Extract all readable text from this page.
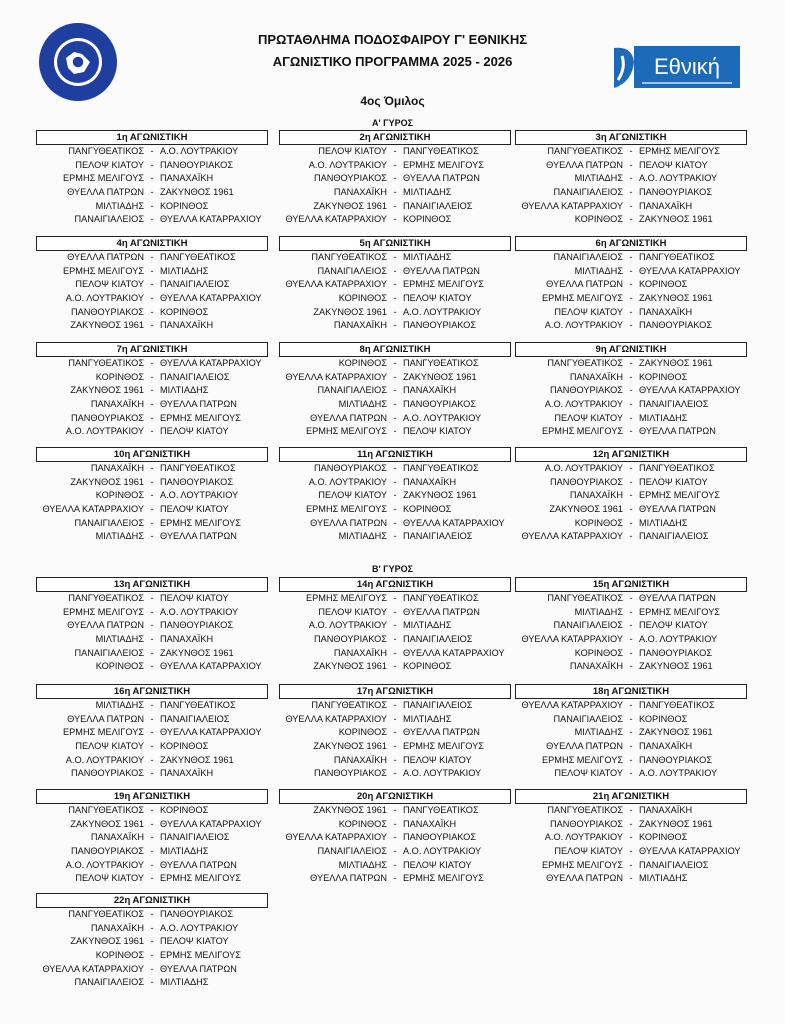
Εθνική
ΠΡΩΤΑΘΛΗΜΑ ΠΟΔΟΣΦΑΙΡΟΥ Γ' ΕΘΝΙΚΗΣ
ΑΓΩΝΙΣΤΙΚΟ ΠΡΟΓΡΑΜΜΑ 2025 - 2026
4ος Όμιλος
Α' ΓΥΡΟΣ
Β' ΓΥΡΟΣ
1η ΑΓΩΝΙΣΤΙΚΗ
ΠΑΝΓΥΘΕΑΤΙΚΟΣ - Α.Ο. ΛΟΥΤΡΑΚΙΟΥ
ΠΕΛΟΨ ΚΙΑΤΟΥ - ΠΑΝΘΟΥΡΙΑΚΟΣ
ΕΡΜΗΣ ΜΕΛΙΓΟΥΣ - ΠΑΝΑΧΑΪΚΗ
ΘΥΕΛΛΑ ΠΑΤΡΩΝ - ΖΑΚΥΝΘΟΣ 1961
ΜΙΛΤΙΑΔΗΣ - ΚΟΡΙΝΘΟΣ
ΠΑΝΑΙΓΙΑΛΕΙΟΣ - ΘΥΕΛΛΑ ΚΑΤΑΡΡΑΧΙΟΥ
2η ΑΓΩΝΙΣΤΙΚΗ
ΠΕΛΟΨ ΚΙΑΤΟΥ - ΠΑΝΓΥΘΕΑΤΙΚΟΣ
Α.Ο. ΛΟΥΤΡΑΚΙΟΥ - ΕΡΜΗΣ ΜΕΛΙΓΟΥΣ
ΠΑΝΘΟΥΡΙΑΚΟΣ - ΘΥΕΛΛΑ ΠΑΤΡΩΝ
ΠΑΝΑΧΑΪΚΗ - ΜΙΛΤΙΑΔΗΣ
ΖΑΚΥΝΘΟΣ 1961 - ΠΑΝΑΙΓΙΑΛΕΙΟΣ
ΘΥΕΛΛΑ ΚΑΤΑΡΡΑΧΙΟΥ - ΚΟΡΙΝΘΟΣ
3η ΑΓΩΝΙΣΤΙΚΗ
ΠΑΝΓΥΘΕΑΤΙΚΟΣ - ΕΡΜΗΣ ΜΕΛΙΓΟΥΣ
ΘΥΕΛΛΑ ΠΑΤΡΩΝ - ΠΕΛΟΨ ΚΙΑΤΟΥ
ΜΙΛΤΙΑΔΗΣ - Α.Ο. ΛΟΥΤΡΑΚΙΟΥ
ΠΑΝΑΙΓΙΑΛΕΙΟΣ - ΠΑΝΘΟΥΡΙΑΚΟΣ
ΘΥΕΛΛΑ ΚΑΤΑΡΡΑΧΙΟΥ - ΠΑΝΑΧΑΪΚΗ
ΚΟΡΙΝΘΟΣ - ΖΑΚΥΝΘΟΣ 1961
4η ΑΓΩΝΙΣΤΙΚΗ
ΘΥΕΛΛΑ ΠΑΤΡΩΝ - ΠΑΝΓΥΘΕΑΤΙΚΟΣ
ΕΡΜΗΣ ΜΕΛΙΓΟΥΣ - ΜΙΛΤΙΑΔΗΣ
ΠΕΛΟΨ ΚΙΑΤΟΥ - ΠΑΝΑΙΓΙΑΛΕΙΟΣ
Α.Ο. ΛΟΥΤΡΑΚΙΟΥ - ΘΥΕΛΛΑ ΚΑΤΑΡΡΑΧΙΟΥ
ΠΑΝΘΟΥΡΙΑΚΟΣ - ΚΟΡΙΝΘΟΣ
ΖΑΚΥΝΘΟΣ 1961 - ΠΑΝΑΧΑΪΚΗ
5η ΑΓΩΝΙΣΤΙΚΗ
ΠΑΝΓΥΘΕΑΤΙΚΟΣ - ΜΙΛΤΙΑΔΗΣ
ΠΑΝΑΙΓΙΑΛΕΙΟΣ - ΘΥΕΛΛΑ ΠΑΤΡΩΝ
ΘΥΕΛΛΑ ΚΑΤΑΡΡΑΧΙΟΥ - ΕΡΜΗΣ ΜΕΛΙΓΟΥΣ
ΚΟΡΙΝΘΟΣ - ΠΕΛΟΨ ΚΙΑΤΟΥ
ΖΑΚΥΝΘΟΣ 1961 - Α.Ο. ΛΟΥΤΡΑΚΙΟΥ
ΠΑΝΑΧΑΪΚΗ - ΠΑΝΘΟΥΡΙΑΚΟΣ
6η ΑΓΩΝΙΣΤΙΚΗ
ΠΑΝΑΙΓΙΑΛΕΙΟΣ - ΠΑΝΓΥΘΕΑΤΙΚΟΣ
ΜΙΛΤΙΑΔΗΣ - ΘΥΕΛΛΑ ΚΑΤΑΡΡΑΧΙΟΥ
ΘΥΕΛΛΑ ΠΑΤΡΩΝ - ΚΟΡΙΝΘΟΣ
ΕΡΜΗΣ ΜΕΛΙΓΟΥΣ - ΖΑΚΥΝΘΟΣ 1961
ΠΕΛΟΨ ΚΙΑΤΟΥ - ΠΑΝΑΧΑΪΚΗ
Α.Ο. ΛΟΥΤΡΑΚΙΟΥ - ΠΑΝΘΟΥΡΙΑΚΟΣ
7η ΑΓΩΝΙΣΤΙΚΗ
ΠΑΝΓΥΘΕΑΤΙΚΟΣ - ΘΥΕΛΛΑ ΚΑΤΑΡΡΑΧΙΟΥ
ΚΟΡΙΝΘΟΣ - ΠΑΝΑΙΓΙΑΛΕΙΟΣ
ΖΑΚΥΝΘΟΣ 1961 - ΜΙΛΤΙΑΔΗΣ
ΠΑΝΑΧΑΪΚΗ - ΘΥΕΛΛΑ ΠΑΤΡΩΝ
ΠΑΝΘΟΥΡΙΑΚΟΣ - ΕΡΜΗΣ ΜΕΛΙΓΟΥΣ
Α.Ο. ΛΟΥΤΡΑΚΙΟΥ - ΠΕΛΟΨ ΚΙΑΤΟΥ
8η ΑΓΩΝΙΣΤΙΚΗ
ΚΟΡΙΝΘΟΣ - ΠΑΝΓΥΘΕΑΤΙΚΟΣ
ΘΥΕΛΛΑ ΚΑΤΑΡΡΑΧΙΟΥ - ΖΑΚΥΝΘΟΣ 1961
ΠΑΝΑΙΓΙΑΛΕΙΟΣ - ΠΑΝΑΧΑΪΚΗ
ΜΙΛΤΙΑΔΗΣ - ΠΑΝΘΟΥΡΙΑΚΟΣ
ΘΥΕΛΛΑ ΠΑΤΡΩΝ - Α.Ο. ΛΟΥΤΡΑΚΙΟΥ
ΕΡΜΗΣ ΜΕΛΙΓΟΥΣ - ΠΕΛΟΨ ΚΙΑΤΟΥ
9η ΑΓΩΝΙΣΤΙΚΗ
ΠΑΝΓΥΘΕΑΤΙΚΟΣ - ΖΑΚΥΝΘΟΣ 1961
ΠΑΝΑΧΑΪΚΗ - ΚΟΡΙΝΘΟΣ
ΠΑΝΘΟΥΡΙΑΚΟΣ - ΘΥΕΛΛΑ ΚΑΤΑΡΡΑΧΙΟΥ
Α.Ο. ΛΟΥΤΡΑΚΙΟΥ - ΠΑΝΑΙΓΙΑΛΕΙΟΣ
ΠΕΛΟΨ ΚΙΑΤΟΥ - ΜΙΛΤΙΑΔΗΣ
ΕΡΜΗΣ ΜΕΛΙΓΟΥΣ - ΘΥΕΛΛΑ ΠΑΤΡΩΝ
10η ΑΓΩΝΙΣΤΙΚΗ
ΠΑΝΑΧΑΪΚΗ - ΠΑΝΓΥΘΕΑΤΙΚΟΣ
ΖΑΚΥΝΘΟΣ 1961 - ΠΑΝΘΟΥΡΙΑΚΟΣ
ΚΟΡΙΝΘΟΣ - Α.Ο. ΛΟΥΤΡΑΚΙΟΥ
ΘΥΕΛΛΑ ΚΑΤΑΡΡΑΧΙΟΥ - ΠΕΛΟΨ ΚΙΑΤΟΥ
ΠΑΝΑΙΓΙΑΛΕΙΟΣ - ΕΡΜΗΣ ΜΕΛΙΓΟΥΣ
ΜΙΛΤΙΑΔΗΣ - ΘΥΕΛΛΑ ΠΑΤΡΩΝ
11η ΑΓΩΝΙΣΤΙΚΗ
ΠΑΝΘΟΥΡΙΑΚΟΣ - ΠΑΝΓΥΘΕΑΤΙΚΟΣ
Α.Ο. ΛΟΥΤΡΑΚΙΟΥ - ΠΑΝΑΧΑΪΚΗ
ΠΕΛΟΨ ΚΙΑΤΟΥ - ΖΑΚΥΝΘΟΣ 1961
ΕΡΜΗΣ ΜΕΛΙΓΟΥΣ - ΚΟΡΙΝΘΟΣ
ΘΥΕΛΛΑ ΠΑΤΡΩΝ - ΘΥΕΛΛΑ ΚΑΤΑΡΡΑΧΙΟΥ
ΜΙΛΤΙΑΔΗΣ - ΠΑΝΑΙΓΙΑΛΕΙΟΣ
12η ΑΓΩΝΙΣΤΙΚΗ
Α.Ο. ΛΟΥΤΡΑΚΙΟΥ - ΠΑΝΓΥΘΕΑΤΙΚΟΣ
ΠΑΝΘΟΥΡΙΑΚΟΣ - ΠΕΛΟΨ ΚΙΑΤΟΥ
ΠΑΝΑΧΑΪΚΗ - ΕΡΜΗΣ ΜΕΛΙΓΟΥΣ
ΖΑΚΥΝΘΟΣ 1961 - ΘΥΕΛΛΑ ΠΑΤΡΩΝ
ΚΟΡΙΝΘΟΣ - ΜΙΛΤΙΑΔΗΣ
ΘΥΕΛΛΑ ΚΑΤΑΡΡΑΧΙΟΥ - ΠΑΝΑΙΓΙΑΛΕΙΟΣ
13η ΑΓΩΝΙΣΤΙΚΗ
ΠΑΝΓΥΘΕΑΤΙΚΟΣ - ΠΕΛΟΨ ΚΙΑΤΟΥ
ΕΡΜΗΣ ΜΕΛΙΓΟΥΣ - Α.Ο. ΛΟΥΤΡΑΚΙΟΥ
ΘΥΕΛΛΑ ΠΑΤΡΩΝ - ΠΑΝΘΟΥΡΙΑΚΟΣ
ΜΙΛΤΙΑΔΗΣ - ΠΑΝΑΧΑΪΚΗ
ΠΑΝΑΙΓΙΑΛΕΙΟΣ - ΖΑΚΥΝΘΟΣ 1961
ΚΟΡΙΝΘΟΣ - ΘΥΕΛΛΑ ΚΑΤΑΡΡΑΧΙΟΥ
14η ΑΓΩΝΙΣΤΙΚΗ
ΕΡΜΗΣ ΜΕΛΙΓΟΥΣ - ΠΑΝΓΥΘΕΑΤΙΚΟΣ
ΠΕΛΟΨ ΚΙΑΤΟΥ - ΘΥΕΛΛΑ ΠΑΤΡΩΝ
Α.Ο. ΛΟΥΤΡΑΚΙΟΥ - ΜΙΛΤΙΑΔΗΣ
ΠΑΝΘΟΥΡΙΑΚΟΣ - ΠΑΝΑΙΓΙΑΛΕΙΟΣ
ΠΑΝΑΧΑΪΚΗ - ΘΥΕΛΛΑ ΚΑΤΑΡΡΑΧΙΟΥ
ΖΑΚΥΝΘΟΣ 1961 - ΚΟΡΙΝΘΟΣ
15η ΑΓΩΝΙΣΤΙΚΗ
ΠΑΝΓΥΘΕΑΤΙΚΟΣ - ΘΥΕΛΛΑ ΠΑΤΡΩΝ
ΜΙΛΤΙΑΔΗΣ - ΕΡΜΗΣ ΜΕΛΙΓΟΥΣ
ΠΑΝΑΙΓΙΑΛΕΙΟΣ - ΠΕΛΟΨ ΚΙΑΤΟΥ
ΘΥΕΛΛΑ ΚΑΤΑΡΡΑΧΙΟΥ - Α.Ο. ΛΟΥΤΡΑΚΙΟΥ
ΚΟΡΙΝΘΟΣ - ΠΑΝΘΟΥΡΙΑΚΟΣ
ΠΑΝΑΧΑΪΚΗ - ΖΑΚΥΝΘΟΣ 1961
16η ΑΓΩΝΙΣΤΙΚΗ
ΜΙΛΤΙΑΔΗΣ - ΠΑΝΓΥΘΕΑΤΙΚΟΣ
ΘΥΕΛΛΑ ΠΑΤΡΩΝ - ΠΑΝΑΙΓΙΑΛΕΙΟΣ
ΕΡΜΗΣ ΜΕΛΙΓΟΥΣ - ΘΥΕΛΛΑ ΚΑΤΑΡΡΑΧΙΟΥ
ΠΕΛΟΨ ΚΙΑΤΟΥ - ΚΟΡΙΝΘΟΣ
Α.Ο. ΛΟΥΤΡΑΚΙΟΥ - ΖΑΚΥΝΘΟΣ 1961
ΠΑΝΘΟΥΡΙΑΚΟΣ - ΠΑΝΑΧΑΪΚΗ
17η ΑΓΩΝΙΣΤΙΚΗ
ΠΑΝΓΥΘΕΑΤΙΚΟΣ - ΠΑΝΑΙΓΙΑΛΕΙΟΣ
ΘΥΕΛΛΑ ΚΑΤΑΡΡΑΧΙΟΥ - ΜΙΛΤΙΑΔΗΣ
ΚΟΡΙΝΘΟΣ - ΘΥΕΛΛΑ ΠΑΤΡΩΝ
ΖΑΚΥΝΘΟΣ 1961 - ΕΡΜΗΣ ΜΕΛΙΓΟΥΣ
ΠΑΝΑΧΑΪΚΗ - ΠΕΛΟΨ ΚΙΑΤΟΥ
ΠΑΝΘΟΥΡΙΑΚΟΣ - Α.Ο. ΛΟΥΤΡΑΚΙΟΥ
18η ΑΓΩΝΙΣΤΙΚΗ
ΘΥΕΛΛΑ ΚΑΤΑΡΡΑΧΙΟΥ - ΠΑΝΓΥΘΕΑΤΙΚΟΣ
ΠΑΝΑΙΓΙΑΛΕΙΟΣ - ΚΟΡΙΝΘΟΣ
ΜΙΛΤΙΑΔΗΣ - ΖΑΚΥΝΘΟΣ 1961
ΘΥΕΛΛΑ ΠΑΤΡΩΝ - ΠΑΝΑΧΑΪΚΗ
ΕΡΜΗΣ ΜΕΛΙΓΟΥΣ - ΠΑΝΘΟΥΡΙΑΚΟΣ
ΠΕΛΟΨ ΚΙΑΤΟΥ - Α.Ο. ΛΟΥΤΡΑΚΙΟΥ
19η ΑΓΩΝΙΣΤΙΚΗ
ΠΑΝΓΥΘΕΑΤΙΚΟΣ - ΚΟΡΙΝΘΟΣ
ΖΑΚΥΝΘΟΣ 1961 - ΘΥΕΛΛΑ ΚΑΤΑΡΡΑΧΙΟΥ
ΠΑΝΑΧΑΪΚΗ - ΠΑΝΑΙΓΙΑΛΕΙΟΣ
ΠΑΝΘΟΥΡΙΑΚΟΣ - ΜΙΛΤΙΑΔΗΣ
Α.Ο. ΛΟΥΤΡΑΚΙΟΥ - ΘΥΕΛΛΑ ΠΑΤΡΩΝ
ΠΕΛΟΨ ΚΙΑΤΟΥ - ΕΡΜΗΣ ΜΕΛΙΓΟΥΣ
20η ΑΓΩΝΙΣΤΙΚΗ
ΖΑΚΥΝΘΟΣ 1961 - ΠΑΝΓΥΘΕΑΤΙΚΟΣ
ΚΟΡΙΝΘΟΣ - ΠΑΝΑΧΑΪΚΗ
ΘΥΕΛΛΑ ΚΑΤΑΡΡΑΧΙΟΥ - ΠΑΝΘΟΥΡΙΑΚΟΣ
ΠΑΝΑΙΓΙΑΛΕΙΟΣ - Α.Ο. ΛΟΥΤΡΑΚΙΟΥ
ΜΙΛΤΙΑΔΗΣ - ΠΕΛΟΨ ΚΙΑΤΟΥ
ΘΥΕΛΛΑ ΠΑΤΡΩΝ - ΕΡΜΗΣ ΜΕΛΙΓΟΥΣ
21η ΑΓΩΝΙΣΤΙΚΗ
ΠΑΝΓΥΘΕΑΤΙΚΟΣ - ΠΑΝΑΧΑΪΚΗ
ΠΑΝΘΟΥΡΙΑΚΟΣ - ΖΑΚΥΝΘΟΣ 1961
Α.Ο. ΛΟΥΤΡΑΚΙΟΥ - ΚΟΡΙΝΘΟΣ
ΠΕΛΟΨ ΚΙΑΤΟΥ - ΘΥΕΛΛΑ ΚΑΤΑΡΡΑΧΙΟΥ
ΕΡΜΗΣ ΜΕΛΙΓΟΥΣ - ΠΑΝΑΙΓΙΑΛΕΙΟΣ
ΘΥΕΛΛΑ ΠΑΤΡΩΝ - ΜΙΛΤΙΑΔΗΣ
22η ΑΓΩΝΙΣΤΙΚΗ
ΠΑΝΓΥΘΕΑΤΙΚΟΣ - ΠΑΝΘΟΥΡΙΑΚΟΣ
ΠΑΝΑΧΑΪΚΗ - Α.Ο. ΛΟΥΤΡΑΚΙΟΥ
ΖΑΚΥΝΘΟΣ 1961 - ΠΕΛΟΨ ΚΙΑΤΟΥ
ΚΟΡΙΝΘΟΣ - ΕΡΜΗΣ ΜΕΛΙΓΟΥΣ
ΘΥΕΛΛΑ ΚΑΤΑΡΡΑΧΙΟΥ - ΘΥΕΛΛΑ ΠΑΤΡΩΝ
ΠΑΝΑΙΓΙΑΛΕΙΟΣ - ΜΙΛΤΙΑΔΗΣ
